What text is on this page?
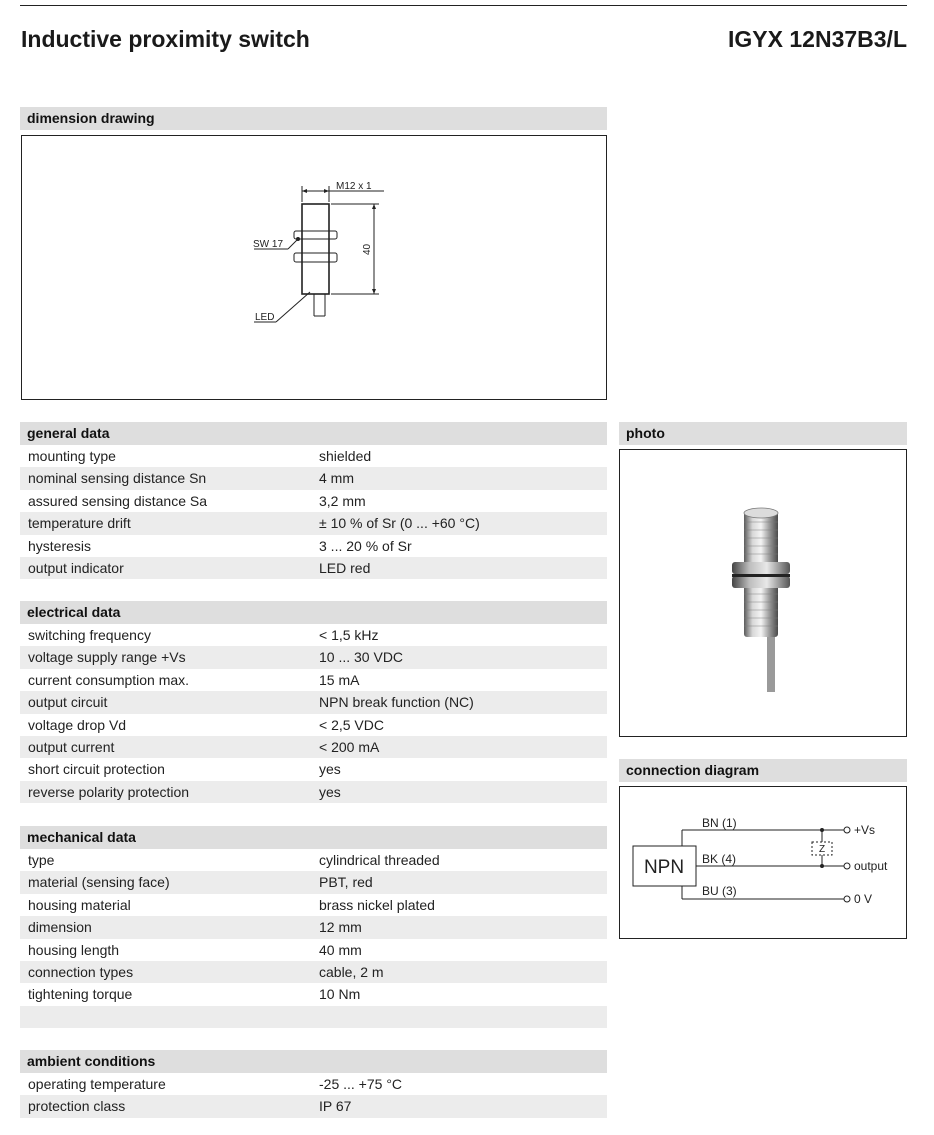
Inductive proximity switch	IGYX 12N37B3/L
dimension drawing
M12 x 1
SW 17	40
LED
general data
mounting type	shielded
nominal sensing distance Sn	4 mm
assured sensing distance Sa	3,2 mm
temperature drift	± 10 % of Sr (0 ... +60 °C)
hysteresis	3 ... 20 % of Sr
output indicator	LED red
electrical data
switching frequency	< 1,5 kHz
voltage supply range +Vs	10 ... 30 VDC
current consumption max.	15 mA
output circuit	NPN break function (NC)
voltage drop Vd	< 2,5 VDC
output current	< 200 mA
short circuit protection	yes
reverse polarity protection	yes
mechanical data
type	cylindrical threaded
material (sensing face)	PBT, red
housing material	brass nickel plated
dimension	12 mm
housing length	40 mm
connection types	cable, 2 m
tightening torque	10 Nm
ambient conditions
operating temperature	-25 ... +75 °C
protection class	IP 67
photo
connection diagram
NPN
BN (1)
BK (4)
BU (3)
Z
+Vs
output
0 V
